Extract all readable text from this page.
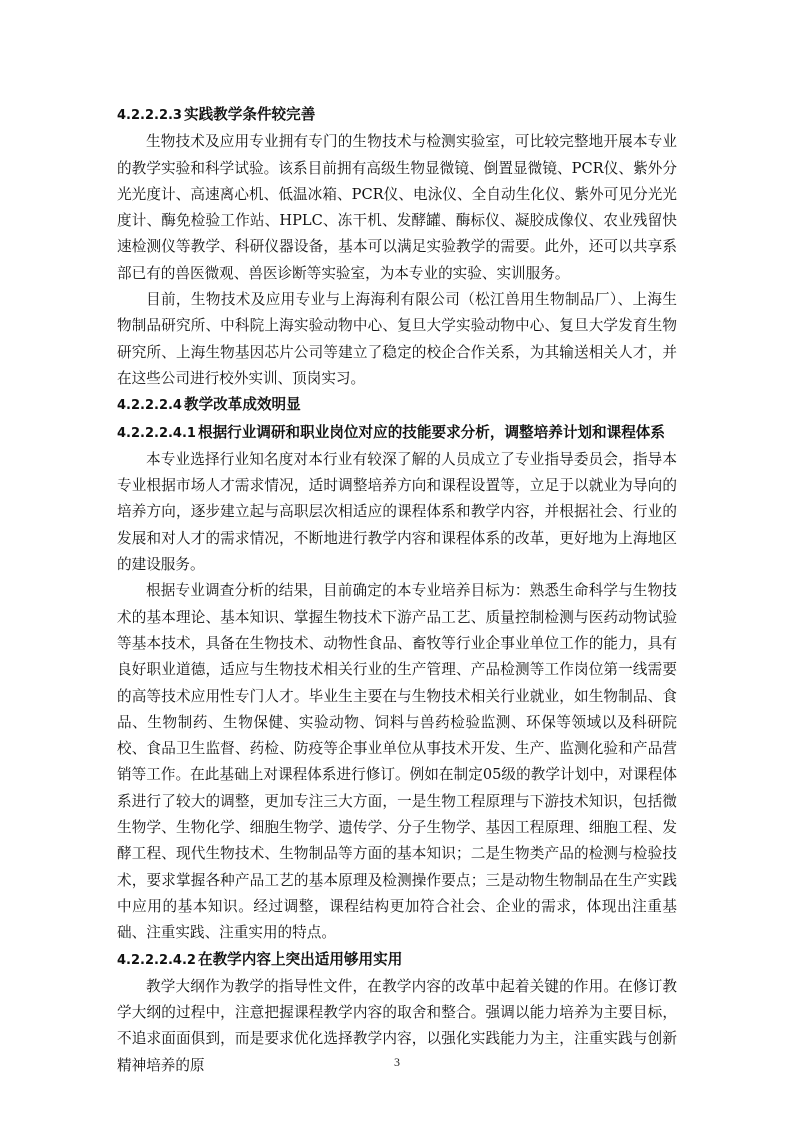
4.2.2.2.3 实践教学条件较完善

生物技术及应用专业拥有专门的生物技术与检测实验室，可比较完整地开展本专业的教学实验和科学试验。该系目前拥有高级生物显微镜、倒置显微镜、PCR仪、紫外分光光度计、高速离心机、低温冰箱、PCR仪、电泳仪、全自动生化仪、紫外可见分光光度计、酶免检验工作站、HPLC、冻干机、发酵罐、酶标仪、凝胶成像仪、农业残留快速检测仪等教学、科研仪器设备，基本可以满足实验教学的需要。此外，还可以共享系部已有的兽医微观、兽医诊断等实验室，为本专业的实验、实训服务。

目前，生物技术及应用专业与上海海利有限公司（松江兽用生物制品厂）、上海生物制品研究所、中科院上海实验动物中心、复旦大学实验动物中心、复旦大学发育生物研究所、上海生物基因芯片公司等建立了稳定的校企合作关系，为其输送相关人才，并在这些公司进行校外实训、顶岗实习。

4.2.2.2.4 教学改革成效明显

4.2.2.2.4.1 根据行业调研和职业岗位对应的技能要求分析，调整培养计划和课程体系

本专业选择行业知名度对本行业有较深了解的人员成立了专业指导委员会，指导本专业根据市场人才需求情况，适时调整培养方向和课程设置等，立足于以就业为导向的培养方向，逐步建立起与高职层次相适应的课程体系和教学内容，并根据社会、行业的发展和对人才的需求情况，不断地进行教学内容和课程体系的改革，更好地为上海地区的建设服务。

根据专业调查分析的结果，目前确定的本专业培养目标为：熟悉生命科学与生物技术的基本理论、基本知识、掌握生物技术下游产品工艺、质量控制检测与医药动物试验等基本技术，具备在生物技术、动物性食品、畜牧等行业企事业单位工作的能力，具有良好职业道德，适应与生物技术相关行业的生产管理、产品检测等工作岗位第一线需要的高等技术应用性专门人才。毕业生主要在与生物技术相关行业就业，如生物制品、食品、生物制药、生物保健、实验动物、饲料与兽药检验监测、环保等领域以及科研院校、食品卫生监督、药检、防疫等企事业单位从事技术开发、生产、监测化验和产品营销等工作。在此基础上对课程体系进行修订。例如在制定05级的教学计划中，对课程体系进行了较大的调整，更加专注三大方面，一是生物工程原理与下游技术知识，包括微生物学、生物化学、细胞生物学、遗传学、分子生物学、基因工程原理、细胞工程、发酵工程、现代生物技术、生物制品等方面的基本知识；二是生物类产品的检测与检验技术，要求掌握各种产品工艺的基本原理及检测操作要点；三是动物生物制品在生产实践中应用的基本知识。经过调整，课程结构更加符合社会、企业的需求，体现出注重基础、注重实践、注重实用的特点。

4.2.2.2.4.2 在教学内容上突出适用够用实用

教学大纲作为教学的指导性文件，在教学内容的改革中起着关键的作用。在修订教学大纲的过程中，注意把握课程教学内容的取舍和整合。强调以能力培养为主要目标，不追求面面俱到，而是要求优化选择教学内容，以强化实践能力为主，注重实践与创新精神培养的原	3
